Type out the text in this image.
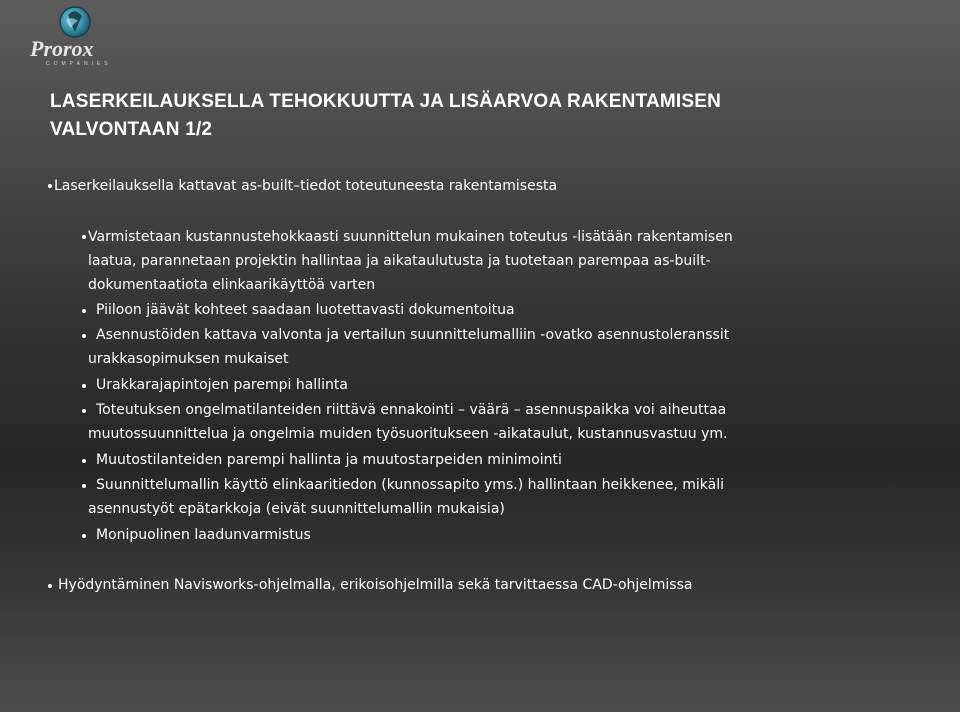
Prorox
COMPANIES
LASERKEILAUKSELLA TEHOKKUUTTA JA LISÄARVOA RAKENTAMISEN
VALVONTAAN 1/2
Laserkeilauksella kattavat as-built–tiedot toteutuneesta rakentamisesta
Varmistetaan kustannustehokkaasti suunnittelun mukainen toteutus -lisätään rakentamisen
laatua, parannetaan projektin hallintaa ja aikataulutusta ja tuotetaan parempaa as-built-
dokumentaatiota elinkaarikäyttöä varten
Piiloon jäävät kohteet saadaan luotettavasti dokumentoitua
Asennustöiden kattava valvonta ja vertailun suunnittelumalliin -ovatko asennustoleranssit
urakkasopimuksen mukaiset
Urakkarajapintojen parempi hallinta
Toteutuksen ongelmatilanteiden riittävä ennakointi – väärä – asennuspaikka voi aiheuttaa
muutossuunnittelua ja ongelmia muiden työsuoritukseen -aikataulut, kustannusvastuu ym.
Muutostilanteiden parempi hallinta ja muutostarpeiden minimointi
Suunnittelumallin käyttö elinkaaritiedon (kunnossapito yms.) hallintaan heikkenee, mikäli
asennustyöt epätarkkoja (eivät suunnittelumallin mukaisia)
Monipuolinen laadunvarmistus
Hyödyntäminen Navisworks-ohjelmalla, erikoisohjelmilla sekä tarvittaessa CAD-ohjelmissa
